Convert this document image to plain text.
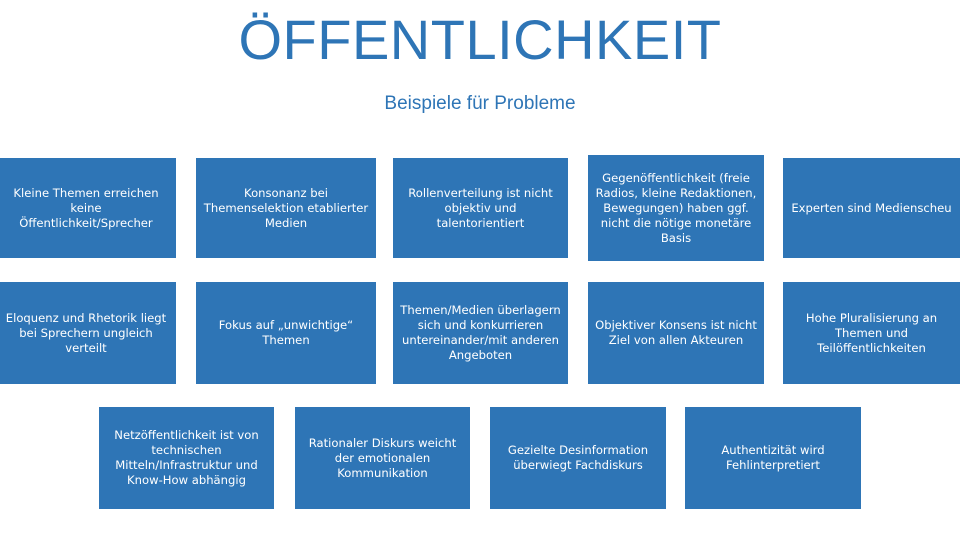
ÖFFENTLICHKEIT
Beispiele für Probleme
Kleine Themen erreichen keine Öffentlichkeit/Sprecher
Konsonanz bei Themenselektion etablierter Medien
Rollenverteilung ist nicht objektiv und talentorientiert
Gegenöffentlichkeit (freie Radios, kleine Redaktionen, Bewegungen) haben ggf. nicht die nötige monetäre Basis
Experten sind Medienscheu
Eloquenz und Rhetorik liegt bei Sprechern ungleich verteilt
Fokus auf „unwichtige“ Themen
Themen/Medien überlagern sich und konkurrieren untereinander/mit anderen Angeboten
Objektiver Konsens ist nicht Ziel von allen Akteuren
Hohe Pluralisierung an Themen und Teilöffentlichkeiten
Netzöffentlichkeit ist von technischen Mitteln/Infrastruktur und Know-How abhängig
Rationaler Diskurs weicht der emotionalen Kommunikation
Gezielte Desinformation überwiegt Fachdiskurs
Authentizität wird Fehlinterpretiert
